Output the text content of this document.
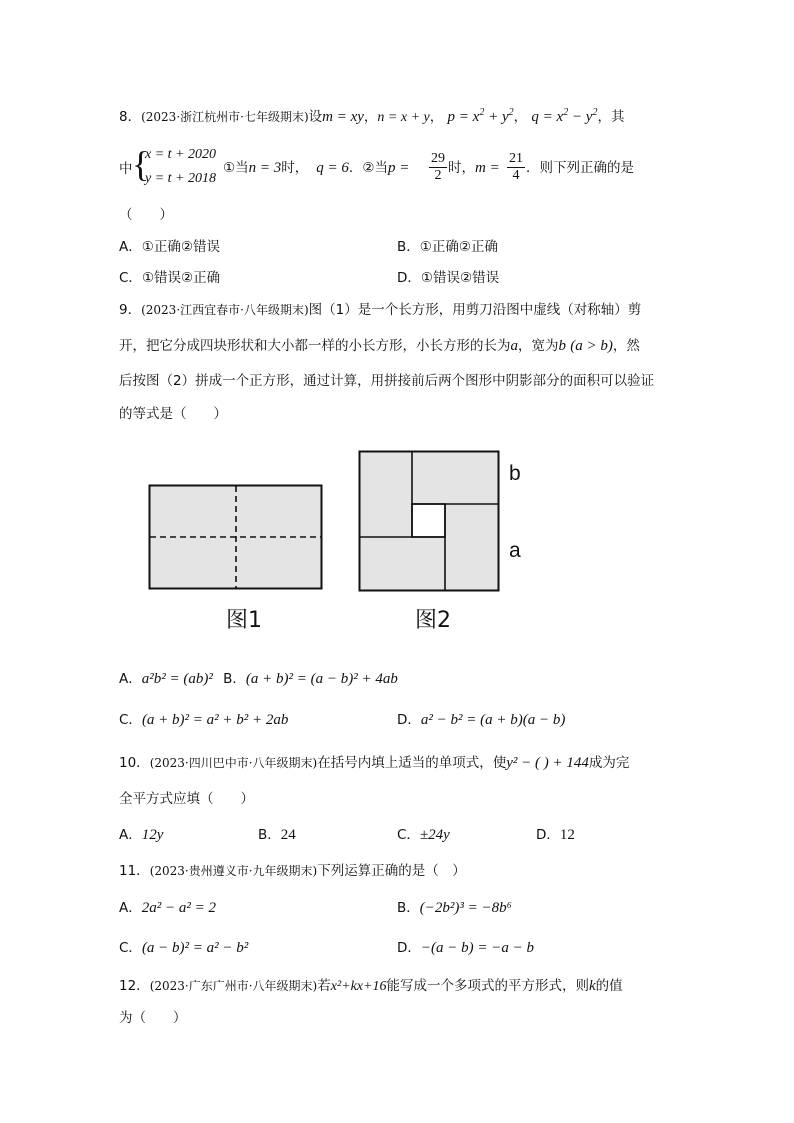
8．(2023·浙江杭州市·七年级期末)设m = xy，n = x + y， $p = x^2 + y^2$， $q = x^2 - y^2$，其
中 {
x = t + 2020
y = t + 2018
①当n = 3时， q = 6．②当$p = \frac{29}{2}$ 时，$m = \frac{21}{4}$ ．则下列正确的是
（　　）
A．①正确②错误	B．①正确②正确
C．①错误②正确	D．①错误②错误
9．(2023·江西宜春市·八年级期末)图（1）是一个长方形，用剪刀沿图中虚线（对称轴）剪
开，把它分成四块形状和大小都一样的小长方形，小长方形的长为a，宽为b (a > b)，然
后按图（2）拼成一个正方形，通过计算，用拼接前后两个图形中阴影部分的面积可以验证
的等式是（　　）
b
a
图1	图2
A．a²b² = (ab)² B．(a + b)² = (a − b)² + 4ab
C．(a + b)² = a² + b² + 2ab	D．a² − b² = (a + b)(a − b)
10．(2023·四川巴中市·八年级期末)在括号内填上适当的单项式，使y² − ( ) + 144成为完
全平方式应填（　　）
A．12y	B．24	C．±24y	D．12
11．(2023·贵州遵义市·九年级期末)下列运算正确的是（　）
A．2a² − a² = 2	B．(−2b²)³ = −8b⁶
C．(a − b)² = a² − b²	D．−(a − b) = −a − b
12．(2023·广东广州市·八年级期末)若x²+kx+16能写成一个多项式的平方形式，则k的值
为（　　）
